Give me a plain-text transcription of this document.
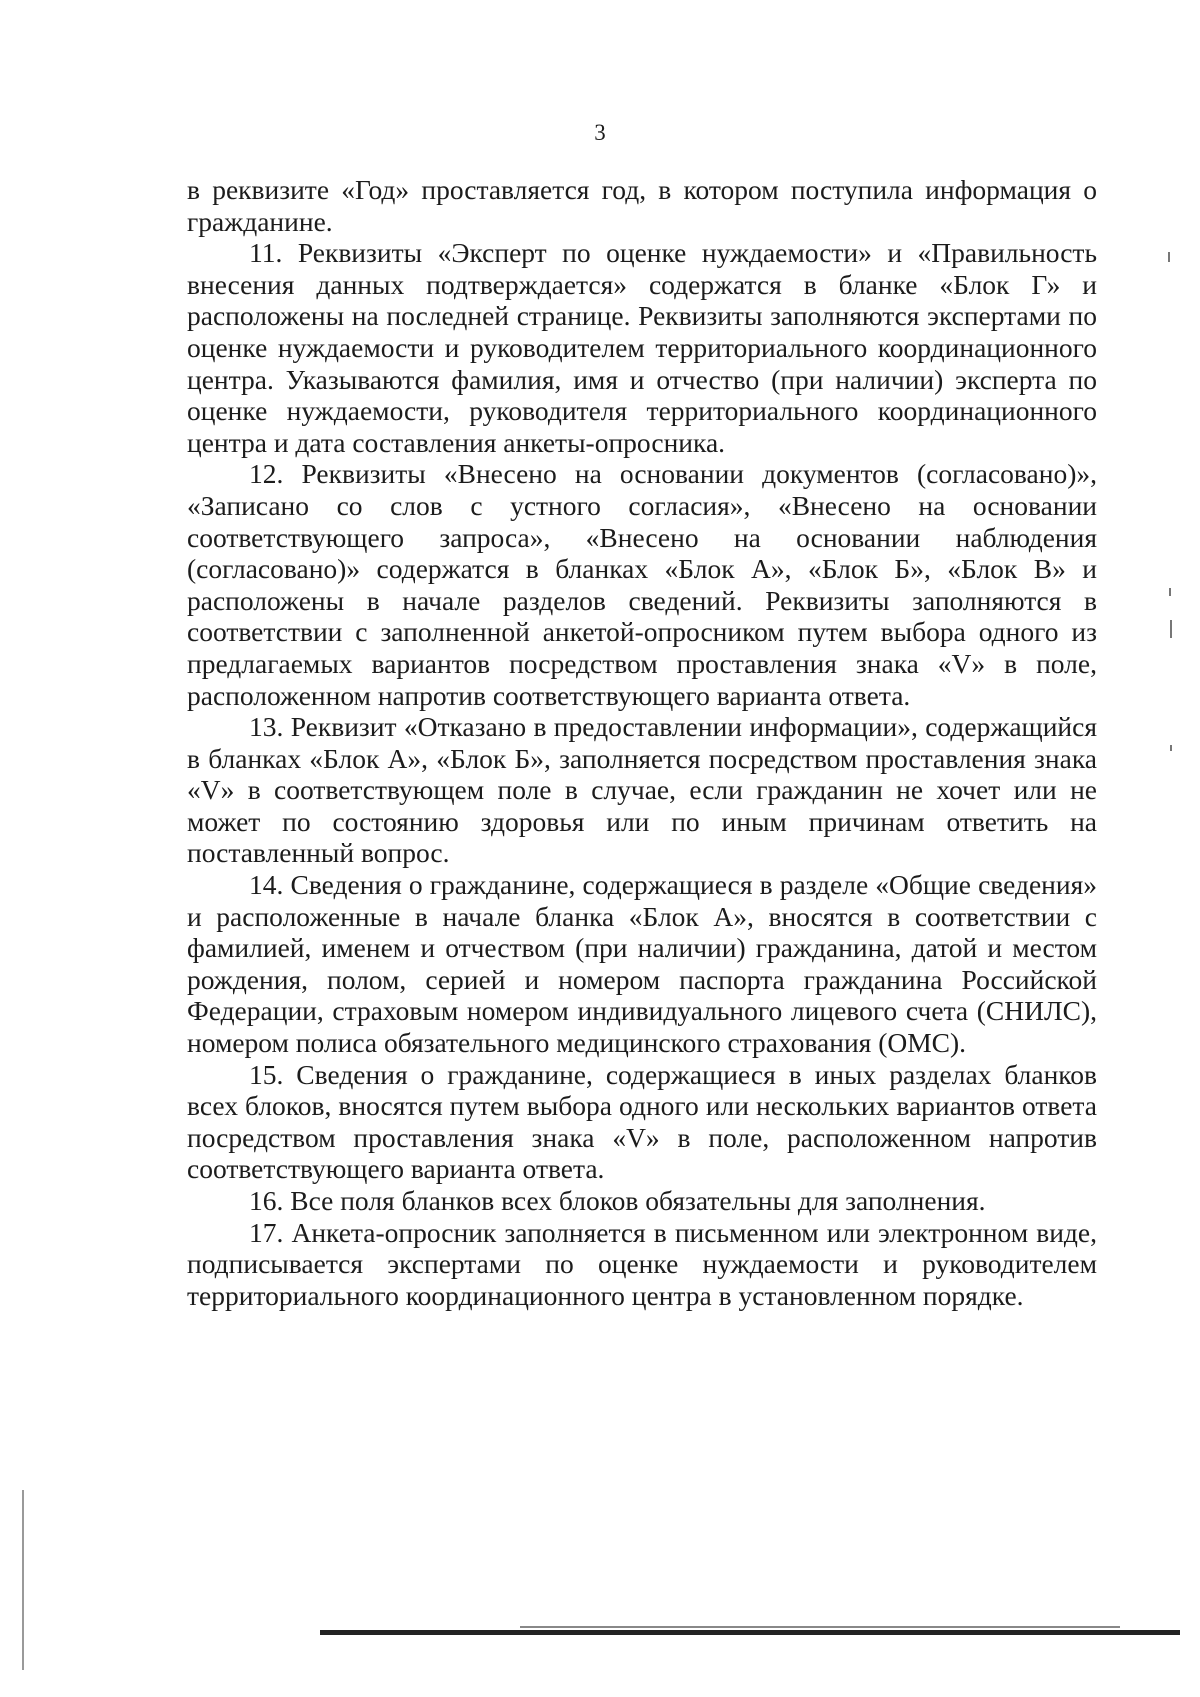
3

в реквизите «Год» проставляется год, в котором поступила информация о гражданине.

11. Реквизиты «Эксперт по оценке нуждаемости» и «Правильность внесения данных подтверждается» содержатся в бланке «Блок Г» и расположены на последней странице. Реквизиты заполняются экспертами по оценке нуждаемости и руководителем территориального координационного центра. Указываются фамилия, имя и отчество (при наличии) эксперта по оценке нуждаемости, руководителя территориального координационного центра и дата составления анкеты-опросника.

12. Реквизиты «Внесено на основании документов (согласовано)», «Записано со слов с устного согласия», «Внесено на основании соответствующего запроса», «Внесено на основании наблюдения (согласовано)» содержатся в бланках «Блок А», «Блок Б», «Блок В» и расположены в начале разделов сведений. Реквизиты заполняются в соответствии с заполненной анкетой-опросником путем выбора одного из предлагаемых вариантов посредством проставления знака «V» в поле, расположенном напротив соответствующего варианта ответа.

13. Реквизит «Отказано в предоставлении информации», содержащийся в бланках «Блок А», «Блок Б», заполняется посредством проставления знака «V» в соответствующем поле в случае, если гражданин не хочет или не может по состоянию здоровья или по иным причинам ответить на поставленный вопрос.

14. Сведения о гражданине, содержащиеся в разделе «Общие сведения» и расположенные в начале бланка «Блок А», вносятся в соответствии с фамилией, именем и отчеством (при наличии) гражданина, датой и местом рождения, полом, серией и номером паспорта гражданина Российской Федерации, страховым номером индивидуального лицевого счета (СНИЛС), номером полиса обязательного медицинского страхования (ОМС).

15. Сведения о гражданине, содержащиеся в иных разделах бланков всех блоков, вносятся путем выбора одного или нескольких вариантов ответа посредством проставления знака «V» в поле, расположенном напротив соответствующего варианта ответа.

16. Все поля бланков всех блоков обязательны для заполнения.

17. Анкета-опросник заполняется в письменном или электронном виде, подписывается экспертами по оценке нуждаемости и руководителем территориального координационного центра в установленном порядке.
